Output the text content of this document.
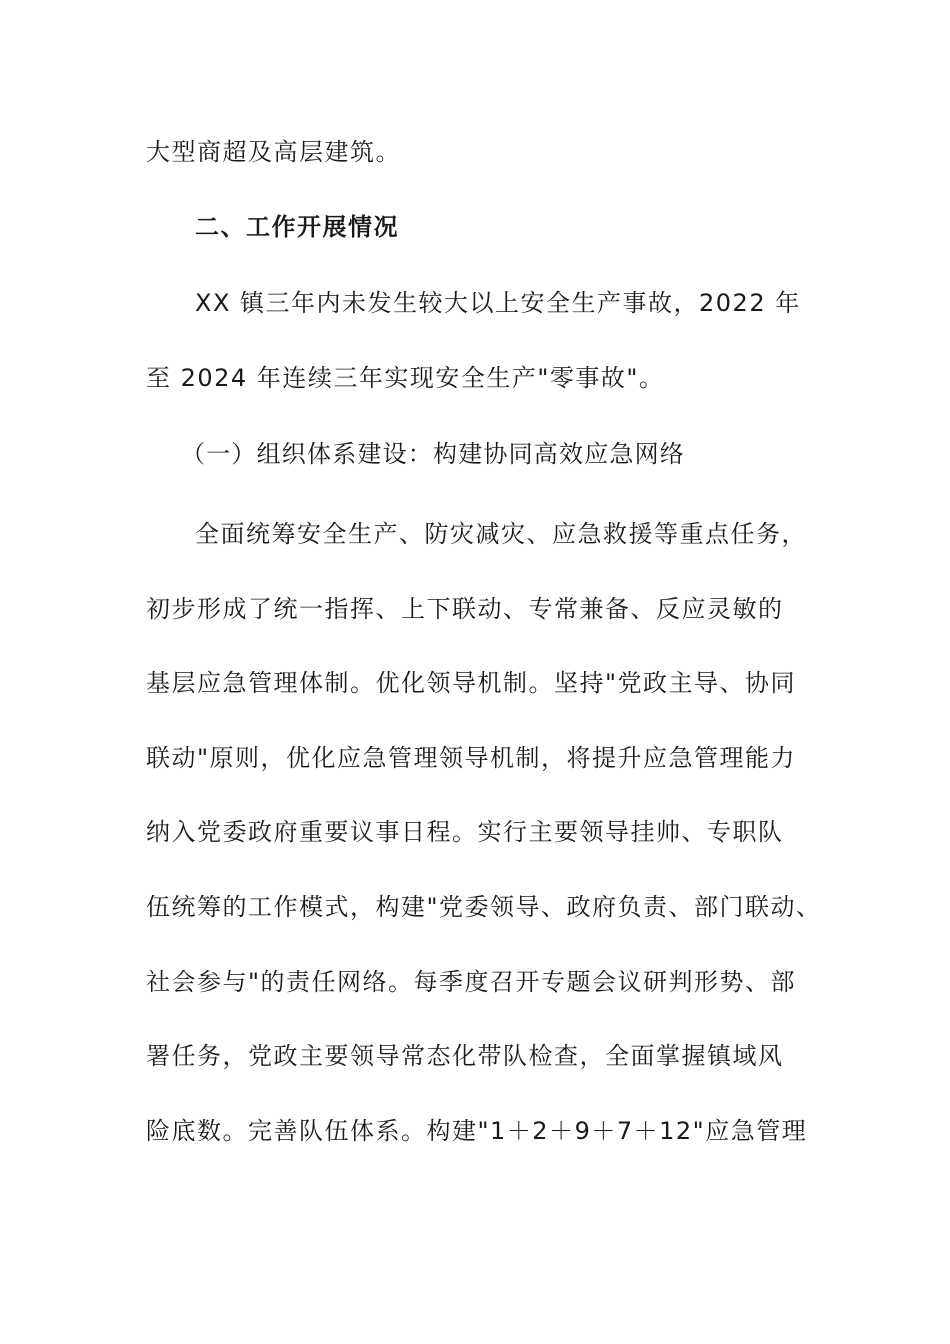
大型商超及高层建筑。
二、工作开展情况
XX 镇三年内未发生较大以上安全生产事故，2022 年
至 2024 年连续三年实现安全生产"零事故"。
（一）组织体系建设：构建协同高效应急网络
全面统筹安全生产、防灾减灾、应急救援等重点任务，
初步形成了统一指挥、上下联动、专常兼备、反应灵敏的
基层应急管理体制。优化领导机制。坚持"党政主导、协同
联动"原则，优化应急管理领导机制，将提升应急管理能力
纳入党委政府重要议事日程。实行主要领导挂帅、专职队
伍统筹的工作模式，构建"党委领导、政府负责、部门联动、
社会参与"的责任网络。每季度召开专题会议研判形势、部
署任务，党政主要领导常态化带队检查，全面掌握镇域风
险底数。完善队伍体系。构建"1＋2＋9＋7＋12"应急管理
